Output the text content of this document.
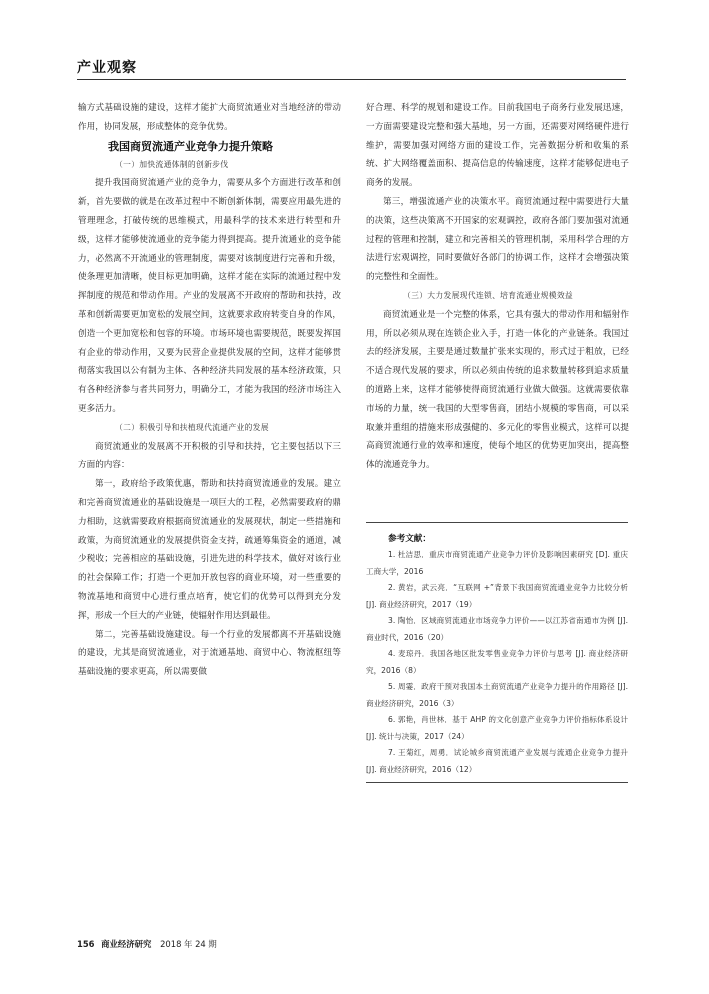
产业观察

输方式基础设施的建设，这样才能扩大商贸流通业对当地经济的带动作用，协同发展，形成整体的竞争优势。

我国商贸流通产业竞争力提升策略

（一）加快流通体制的创新步伐

提升我国商贸流通产业的竞争力，需要从多个方面进行改革和创新，首先要做的就是在改革过程中不断创新体制，需要应用最先进的管理理念，打破传统的思维模式，用最科学的技术来进行转型和升级，这样才能够使流通业的竞争能力得到提高。提升流通业的竞争能力，必然离不开流通业的管理制度，需要对该制度进行完善和升级，使条理更加清晰，使目标更加明确，这样才能在实际的流通过程中发挥制度的规范和带动作用。产业的发展离不开政府的帮助和扶持，改革和创新需要更加宽松的发展空间，这就要求政府转变自身的作风，创造一个更加宽松和包容的环境。市场环境也需要规范，既要发挥国有企业的带动作用，又要为民营企业提供发展的空间，这样才能够贯彻落实我国以公有制为主体、各种经济共同发展的基本经济政策，只有各种经济参与者共同努力，明确分工，才能为我国的经济市场注入更多活力。

（二）积极引导和扶植现代流通产业的发展

商贸流通业的发展离不开积极的引导和扶持，它主要包括以下三方面的内容：

第一，政府给予政策优惠，帮助和扶持商贸流通业的发展。建立和完善商贸流通业的基础设施是一项巨大的工程，必然需要政府的鼎力相助，这就需要政府根据商贸流通业的发展现状，制定一些措施和政策，为商贸流通业的发展提供资金支持，疏通筹集资金的通道，减少税收；完善相应的基础设施，引进先进的科学技术，做好对该行业的社会保障工作；打造一个更加开放包容的商业环境，对一些重要的物流基地和商贸中心进行重点培育，使它们的优势可以得到充分发挥，形成一个巨大的产业链，使辐射作用达到最佳。

第二，完善基础设施建设。每一个行业的发展都离不开基础设施的建设，尤其是商贸流通业，对于流通基地、商贸中心、物流枢纽等基础设施的要求更高，所以需要做

好合理、科学的规划和建设工作。目前我国电子商务行业发展迅速，一方面需要建设完整和强大基地，另一方面，还需要对网络硬件进行维护，需要加强对网络方面的建设工作，完善数据分析和收集的系统、扩大网络覆盖面积、提高信息的传输速度，这样才能够促进电子商务的发展。

第三，增强流通产业的决策水平。商贸流通过程中需要进行大量的决策，这些决策离不开国家的宏观调控，政府各部门要加强对流通过程的管理和控制，建立和完善相关的管理机制，采用科学合理的方法进行宏观调控，同时要做好各部门的协调工作，这样才会增强决策的完整性和全面性。

（三）大力发展现代连锁、培育流通业规模效益

商贸流通业是一个完整的体系，它具有强大的带动作用和辐射作用，所以必须从现在连锁企业入手，打造一体化的产业链条。我国过去的经济发展，主要是通过数量扩张来实现的，形式过于粗放，已经不适合现代发展的要求，所以必须由传统的追求数量转移到追求质量的道路上来，这样才能够使得商贸流通行业做大做强。这就需要依靠市场的力量，统一我国的大型零售商，团结小规模的零售商，可以采取兼并重组的措施来形成强健的、多元化的零售业模式，这样可以提高商贸流通行业的效率和速度，使每个地区的优势更加突出，提高整体的流通竞争力。

参考文献：

1. 杜洁思．重庆市商贸流通产业竞争力评价及影响因素研究 [D]. 重庆工商大学，2016

2. 黄岩，武云亮．“互联网 +”背景下我国商贸流通业竞争力比较分析 [J]. 商业经济研究，2017（19）

3. 陶怡．区域商贸流通业市场竞争力评价——以江苏省南通市为例 [J]. 商业时代，2016（20）

4. 麦琼丹．我国各地区批发零售业竞争力评价与思考 [J]. 商业经济研究，2016（8）

5. 周霎．政府干预对我国本土商贸流通产业竞争力提升的作用路径 [J]. 商业经济研究，2016（3）

6. 郭艳，肖世林．基于 AHP 的文化创意产业竞争力评价指标体系设计 [J]. 统计与决策，2017（24）

7. 王菊红，周勇．试论城乡商贸流通产业发展与流通企业竞争力提升 [J]. 商业经济研究，2016（12）

156 商业经济研究 2018 年 24 期
